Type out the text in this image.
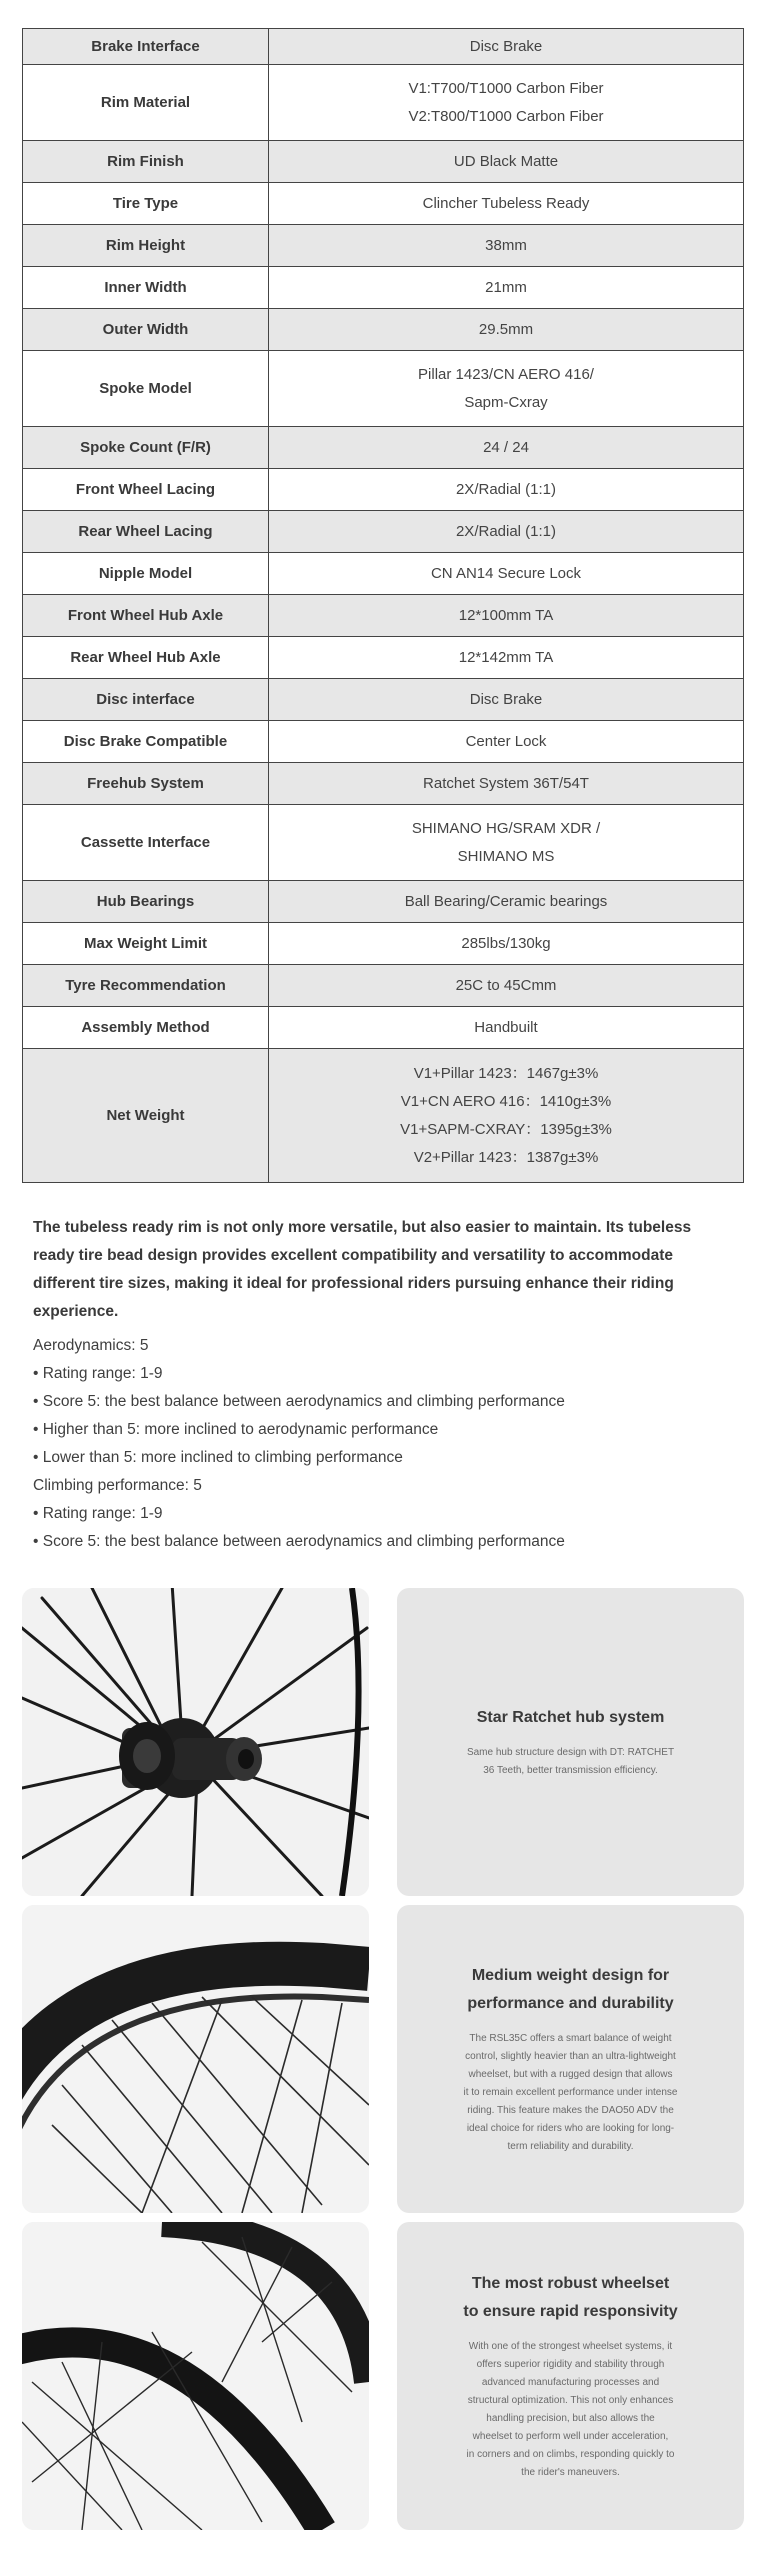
Brake Interface	Disc Brake

Rim Material	V1:T700/T1000 Carbon Fiber
V2:T800/T1000 Carbon Fiber

Rim Finish	UD Black Matte

Tire Type	Clincher Tubeless Ready

Rim Height	38mm

Inner Width	21mm

Outer Width	29.5mm

Spoke Model	Pillar 1423/CN AERO 416/
Sapm-Cxray

Spoke Count (F/R)	24 / 24

Front Wheel Lacing	2X/Radial (1:1)

Rear Wheel Lacing	2X/Radial (1:1)

Nipple Model	CN AN14 Secure Lock

Front Wheel Hub Axle	12*100mm TA

Rear Wheel Hub Axle	12*142mm TA

Disc interface	Disc Brake

Disc Brake Compatible	Center Lock

Freehub System	Ratchet System 36T/54T

Cassette Interface	SHIMANO HG/SRAM XDR /
SHIMANO MS

Hub Bearings	Ball Bearing/Ceramic bearings

Max Weight Limit	285lbs/130kg

Tyre Recommendation	25C to 45Cmm

Assembly Method	Handbuilt

Net Weight	V1+Pillar 1423：1467g±3%
V1+CN AERO 416：1410g±3%
V1+SAPM-CXRAY：1395g±3%
V2+Pillar 1423：1387g±3%

The tubeless ready rim is not only more versatile, but also easier to maintain. Its tubeless ready tire bead design provides excellent compatibility and versatility to accommodate different tire sizes, making it ideal for professional riders pursuing enhance their riding experience.

Aerodynamics: 5

• Rating range: 1-9

• Score 5: the best balance between aerodynamics and climbing performance

• Higher than 5: more inclined to aerodynamic performance

• Lower than 5: more inclined to climbing performance

Climbing performance: 5

• Rating range: 1-9

• Score 5: the best balance between aerodynamics and climbing performance

Star Ratchet hub system

Same hub structure design with DT: RATCHET

36 Teeth, better transmission efficiency.

Medium weight design for

performance and durability

The RSL35C offers a smart balance of weight

control, slightly heavier than an ultra-lightweight

wheelset, but with a rugged design that allows

it to remain excellent performance under intense

riding. This feature makes the DAO50 ADV the

ideal choice for riders who are looking for long-

term reliability and durability.

The most robust wheelset

to ensure rapid responsivity

With one of the strongest wheelset systems, it

offers superior rigidity and stability through

advanced manufacturing processes and

structural optimization. This not only enhances

handling precision, but also allows the

wheelset to perform well under acceleration,

in corners and on climbs, responding quickly to

the rider's maneuvers.
